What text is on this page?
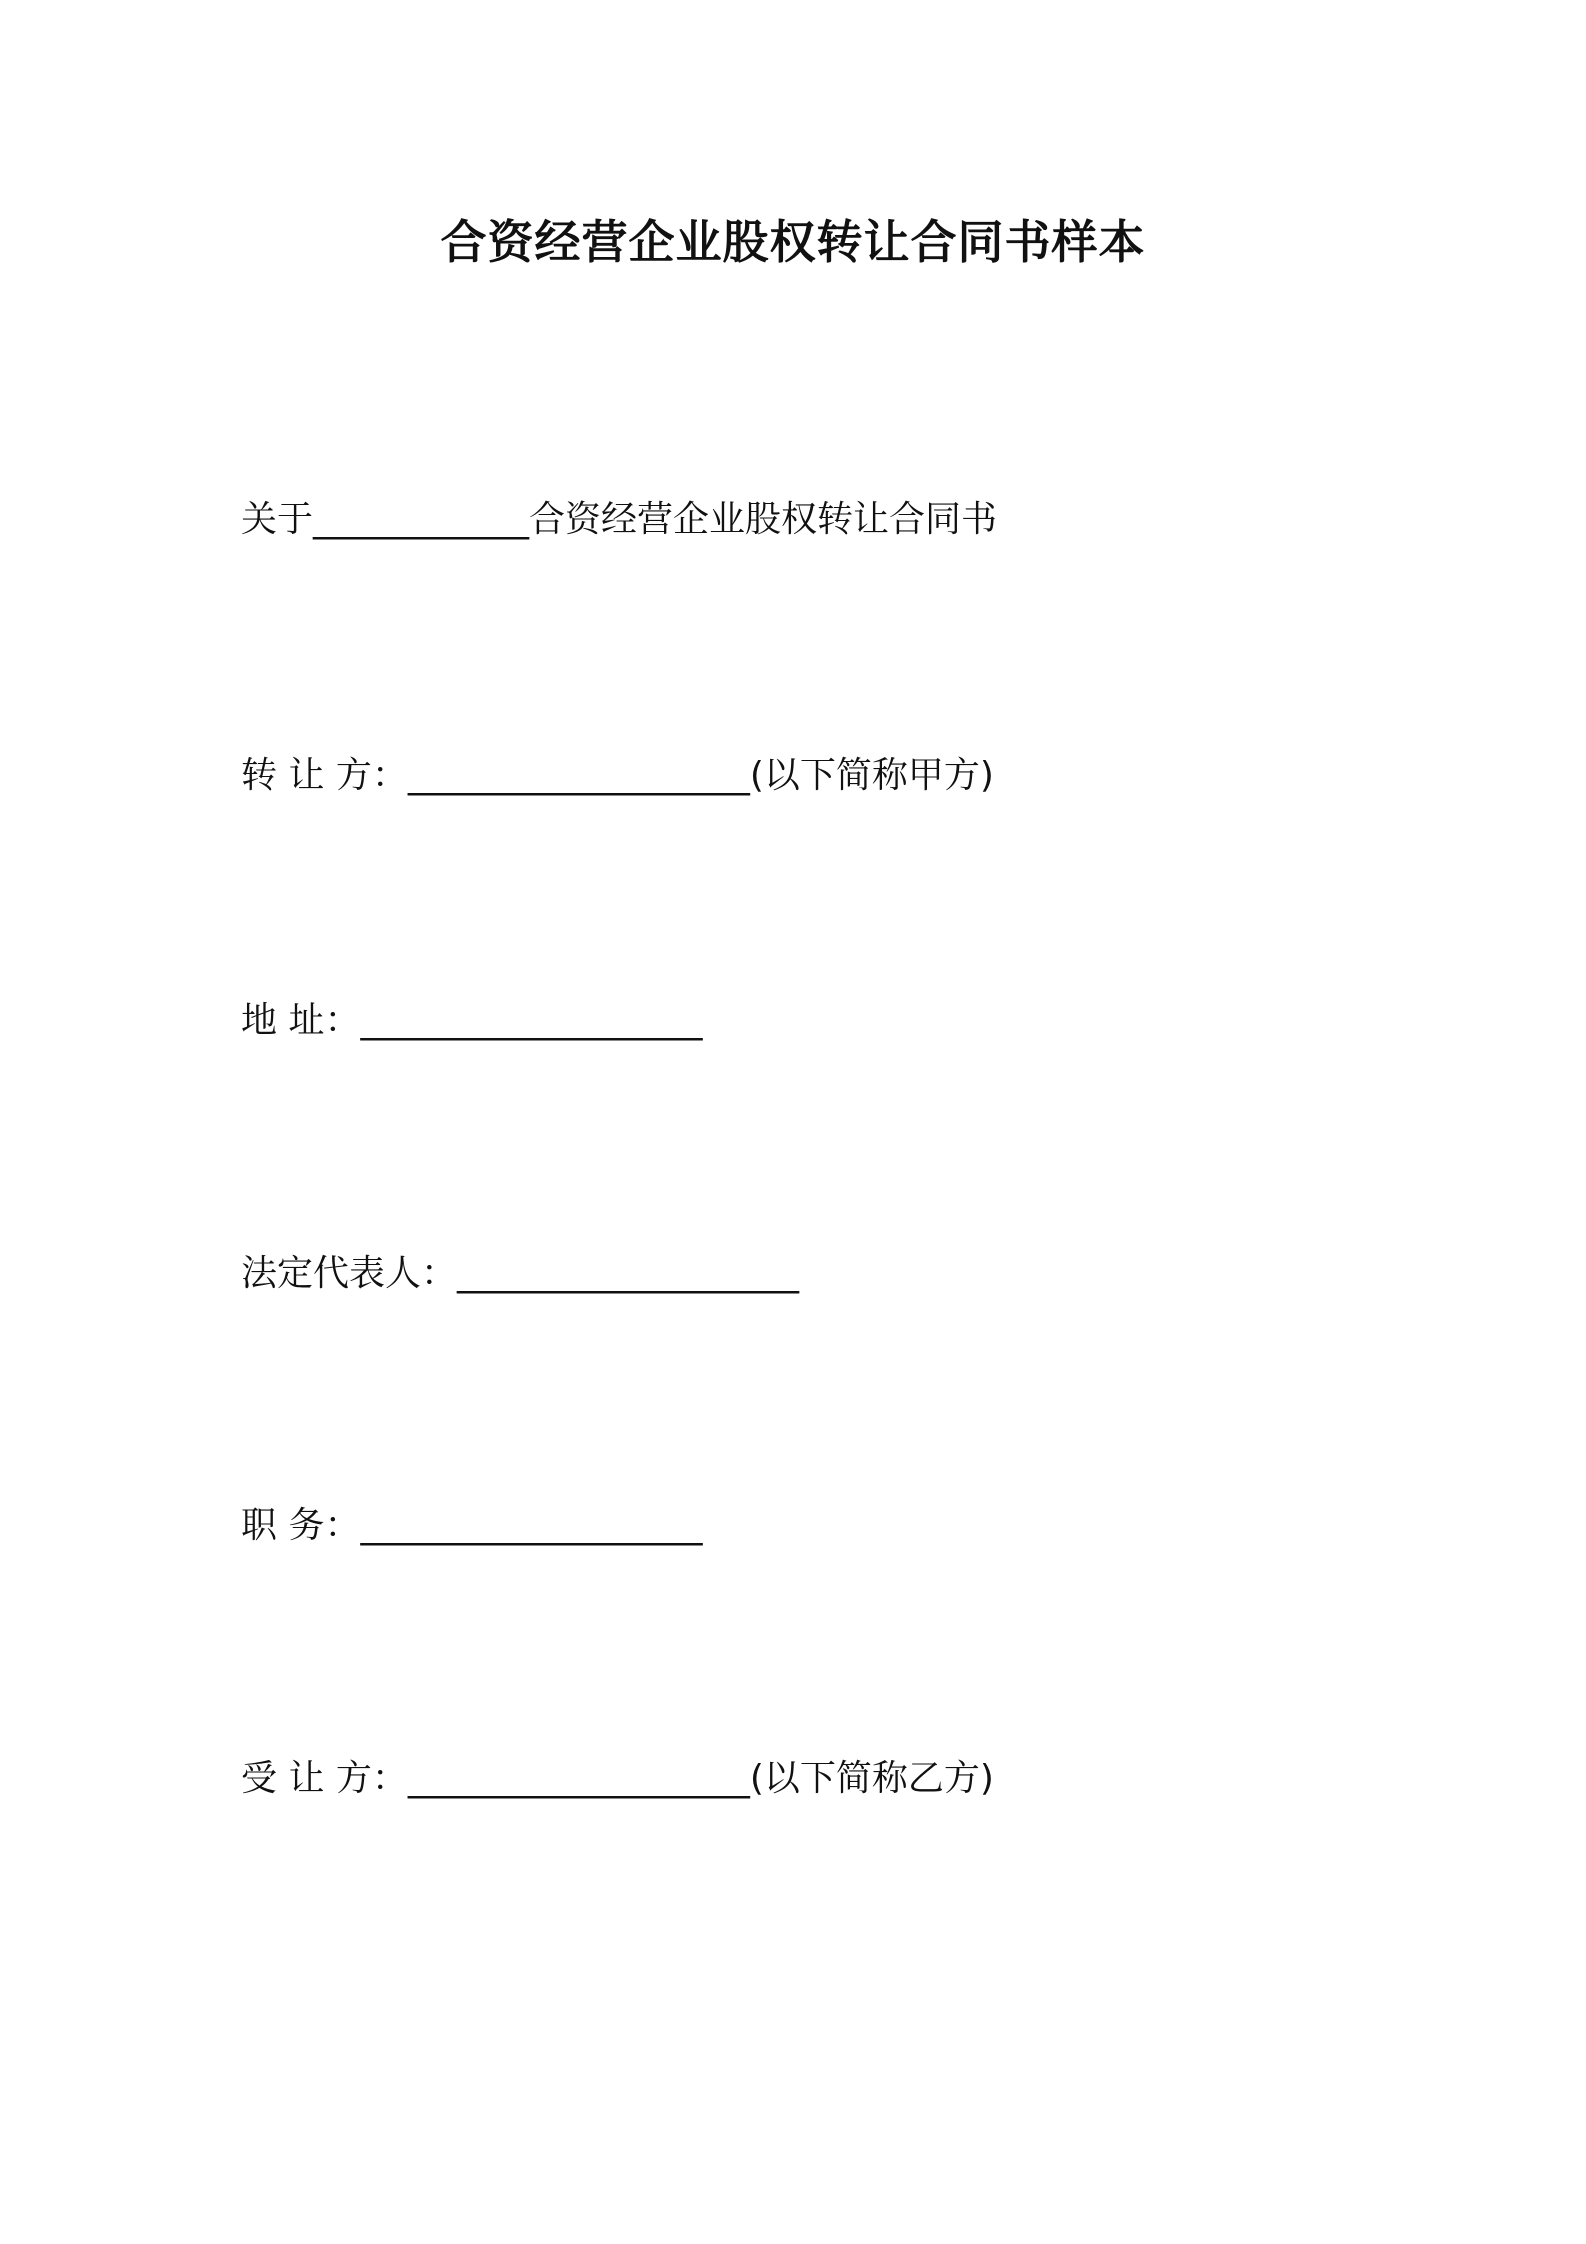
合资经营企业股权转让合同书样本
关于____________合资经营企业股权转让合同书
转 让 方：___________________(以下简称甲方)
地 址：___________________
法定代表人：___________________
职 务：___________________
受 让 方：___________________(以下简称乙方)
